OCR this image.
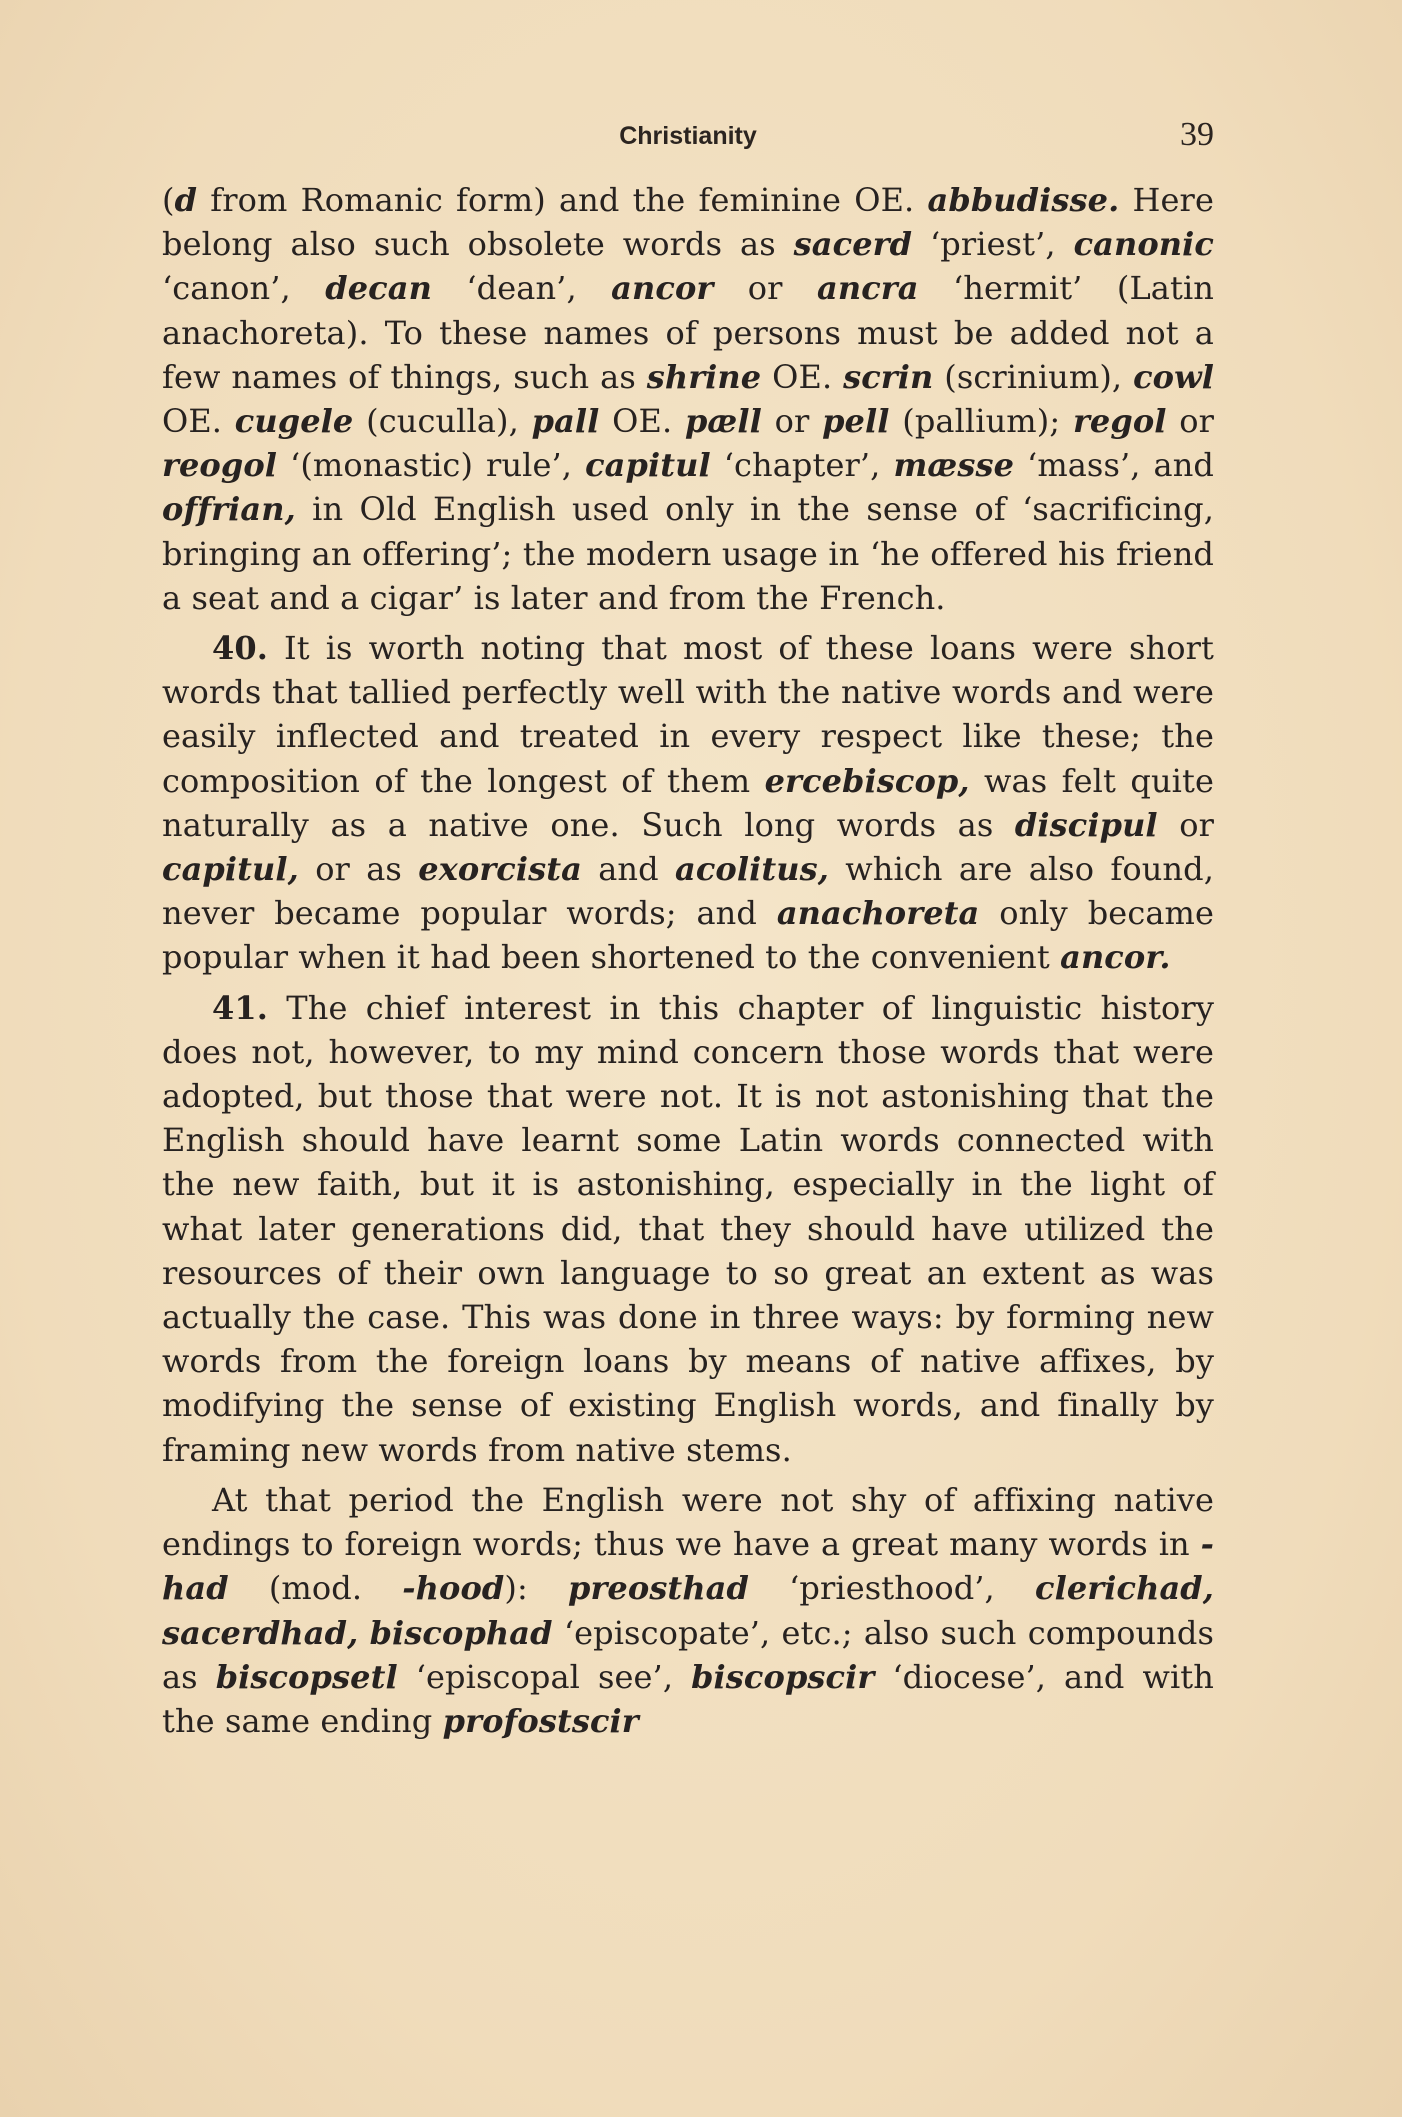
Christianity	39

(d from Romanic form) and the feminine OE. abbudisse. Here belong also such obsolete words as sacerd ‘priest’, canonic ‘canon’, decan ‘dean’, ancor or ancra ‘hermit’ (Latin anachoreta). To these names of persons must be added not a few names of things, such as shrine OE. scrin (scrinium), cowl OE. cugele (cuculla), pall OE. pæll or pell (pallium); regol or reogol ‘(monastic) rule’, capitul ‘chapter’, mæsse ‘mass’, and offrian, in Old English used only in the sense of ‘sacrificing, bringing an offering’; the modern usage in ‘he offered his friend a seat and a cigar’ is later and from the French.

40. It is worth noting that most of these loans were short words that tallied perfectly well with the native words and were easily inflected and treated in every respect like these; the composition of the longest of them ercebiscop, was felt quite naturally as a native one. Such long words as discipul or capitul, or as exorcista and acolitus, which are also found, never became popular words; and anachoreta only became popular when it had been shortened to the convenient ancor.

41. The chief interest in this chapter of linguistic history does not, however, to my mind concern those words that were adopted, but those that were not. It is not astonishing that the English should have learnt some Latin words connected with the new faith, but it is astonishing, especially in the light of what later generations did, that they should have utilized the resources of their own language to so great an extent as was actually the case. This was done in three ways: by forming new words from the foreign loans by means of native affixes, by modifying the sense of existing English words, and finally by framing new words from native stems.

At that period the English were not shy of affixing native endings to foreign words; thus we have a great many words in -had (mod. -hood): preosthad ‘priesthood’, clerichad, sacerdhad, biscophad ‘episcopate’, etc.; also such compounds as biscopsetl ‘episcopal see’, biscopscir ‘diocese’, and with the same ending profostscir
